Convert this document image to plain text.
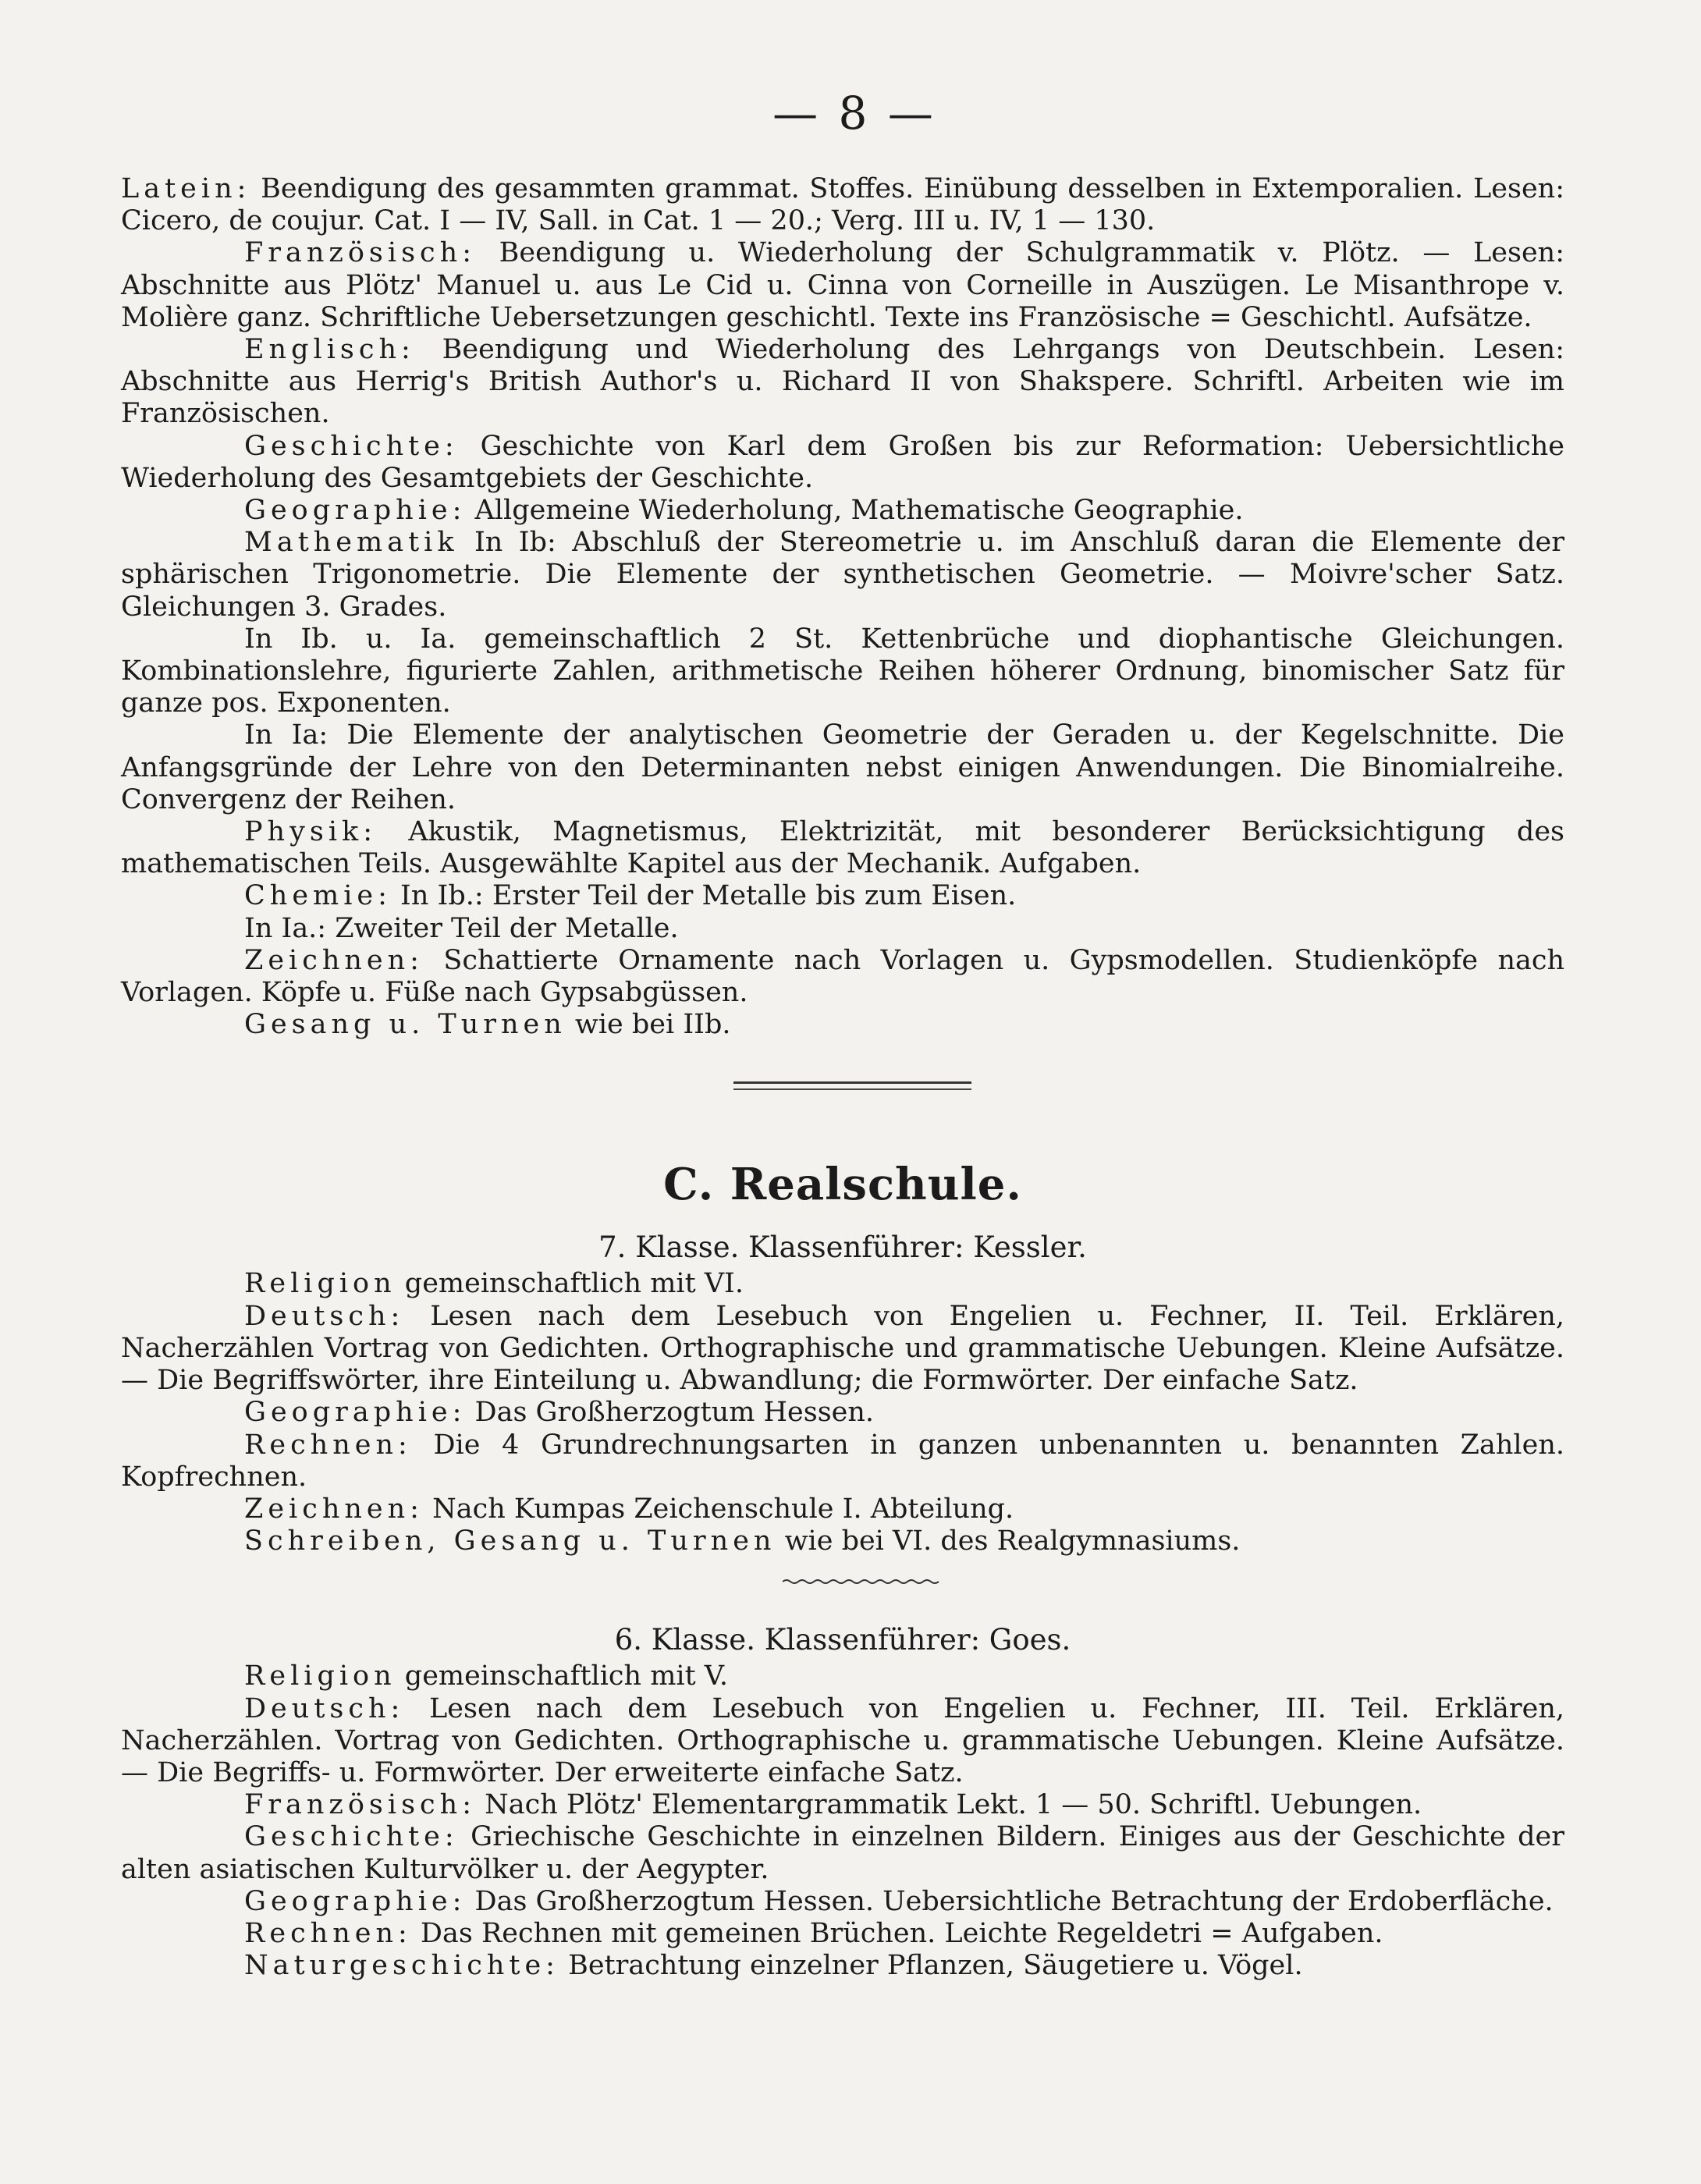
— 8 —

Latein: Beendigung des gesammten grammat. Stoffes. Einübung desselben in Extemporalien. Lesen: Cicero, de coujur. Cat. I — IV, Sall. in Cat. 1 — 20.; Verg. III u. IV, 1 — 130.

Französisch: Beendigung u. Wiederholung der Schulgrammatik v. Plötz. — Lesen: Abschnitte aus Plötz' Manuel u. aus Le Cid u. Cinna von Corneille in Auszügen. Le Misanthrope v. Molière ganz. Schriftliche Uebersetzungen geschichtl. Texte ins Französische = Geschichtl. Aufsätze.

Englisch: Beendigung und Wiederholung des Lehrgangs von Deutschbein. Lesen: Abschnitte aus Herrig's British Author's u. Richard II von Shakspere. Schriftl. Arbeiten wie im Französischen.

Geschichte: Geschichte von Karl dem Großen bis zur Reformation: Uebersichtliche Wiederholung des Gesamtgebiets der Geschichte.

Geographie: Allgemeine Wiederholung, Mathematische Geographie.

Mathematik In Ib: Abschluß der Stereometrie u. im Anschluß daran die Elemente der sphärischen Trigonometrie. Die Elemente der synthetischen Geometrie. — Moivre'scher Satz. Gleichungen 3. Grades.

In Ib. u. Ia. gemeinschaftlich 2 St. Kettenbrüche und diophantische Gleichungen. Kombinationslehre, figurierte Zahlen, arithmetische Reihen höherer Ordnung, binomischer Satz für ganze pos. Exponenten.

In Ia: Die Elemente der analytischen Geometrie der Geraden u. der Kegelschnitte. Die Anfangsgründe der Lehre von den Determinanten nebst einigen Anwendungen. Die Binomialreihe. Convergenz der Reihen.

Physik: Akustik, Magnetismus, Elektrizität, mit besonderer Berücksichtigung des mathematischen Teils. Ausgewählte Kapitel aus der Mechanik. Aufgaben.

Chemie: In Ib.: Erster Teil der Metalle bis zum Eisen.

In Ia.: Zweiter Teil der Metalle.

Zeichnen: Schattierte Ornamente nach Vorlagen u. Gypsmodellen. Studienköpfe nach Vorlagen. Köpfe u. Füße nach Gypsabgüssen.

Gesang u. Turnen wie bei IIb.

C. Realschule.
7. Klasse. Klassenführer: Kessler.

Religion gemeinschaftlich mit VI.

Deutsch: Lesen nach dem Lesebuch von Engelien u. Fechner, II. Teil. Erklären, Nacherzählen Vortrag von Gedichten. Orthographische und grammatische Uebungen. Kleine Aufsätze. — Die Begriffswörter, ihre Einteilung u. Abwandlung; die Formwörter. Der einfache Satz.

Geographie: Das Großherzogtum Hessen.

Rechnen: Die 4 Grundrechnungsarten in ganzen unbenannten u. benannten Zahlen. Kopfrechnen.

Zeichnen: Nach Kumpas Zeichenschule I. Abteilung.

Schreiben, Gesang u. Turnen wie bei VI. des Realgymnasiums.

6. Klasse. Klassenführer: Goes.

Religion gemeinschaftlich mit V.

Deutsch: Lesen nach dem Lesebuch von Engelien u. Fechner, III. Teil. Erklären, Nacherzählen. Vortrag von Gedichten. Orthographische u. grammatische Uebungen. Kleine Aufsätze. — Die Begriffs- u. Formwörter. Der erweiterte einfache Satz.

Französisch: Nach Plötz' Elementargrammatik Lekt. 1 — 50. Schriftl. Uebungen.

Geschichte: Griechische Geschichte in einzelnen Bildern. Einiges aus der Geschichte der alten asiatischen Kulturvölker u. der Aegypter.

Geographie: Das Großherzogtum Hessen. Uebersichtliche Betrachtung der Erdoberfläche.

Rechnen: Das Rechnen mit gemeinen Brüchen. Leichte Regeldetri = Aufgaben.

Naturgeschichte: Betrachtung einzelner Pflanzen, Säugetiere u. Vögel.
